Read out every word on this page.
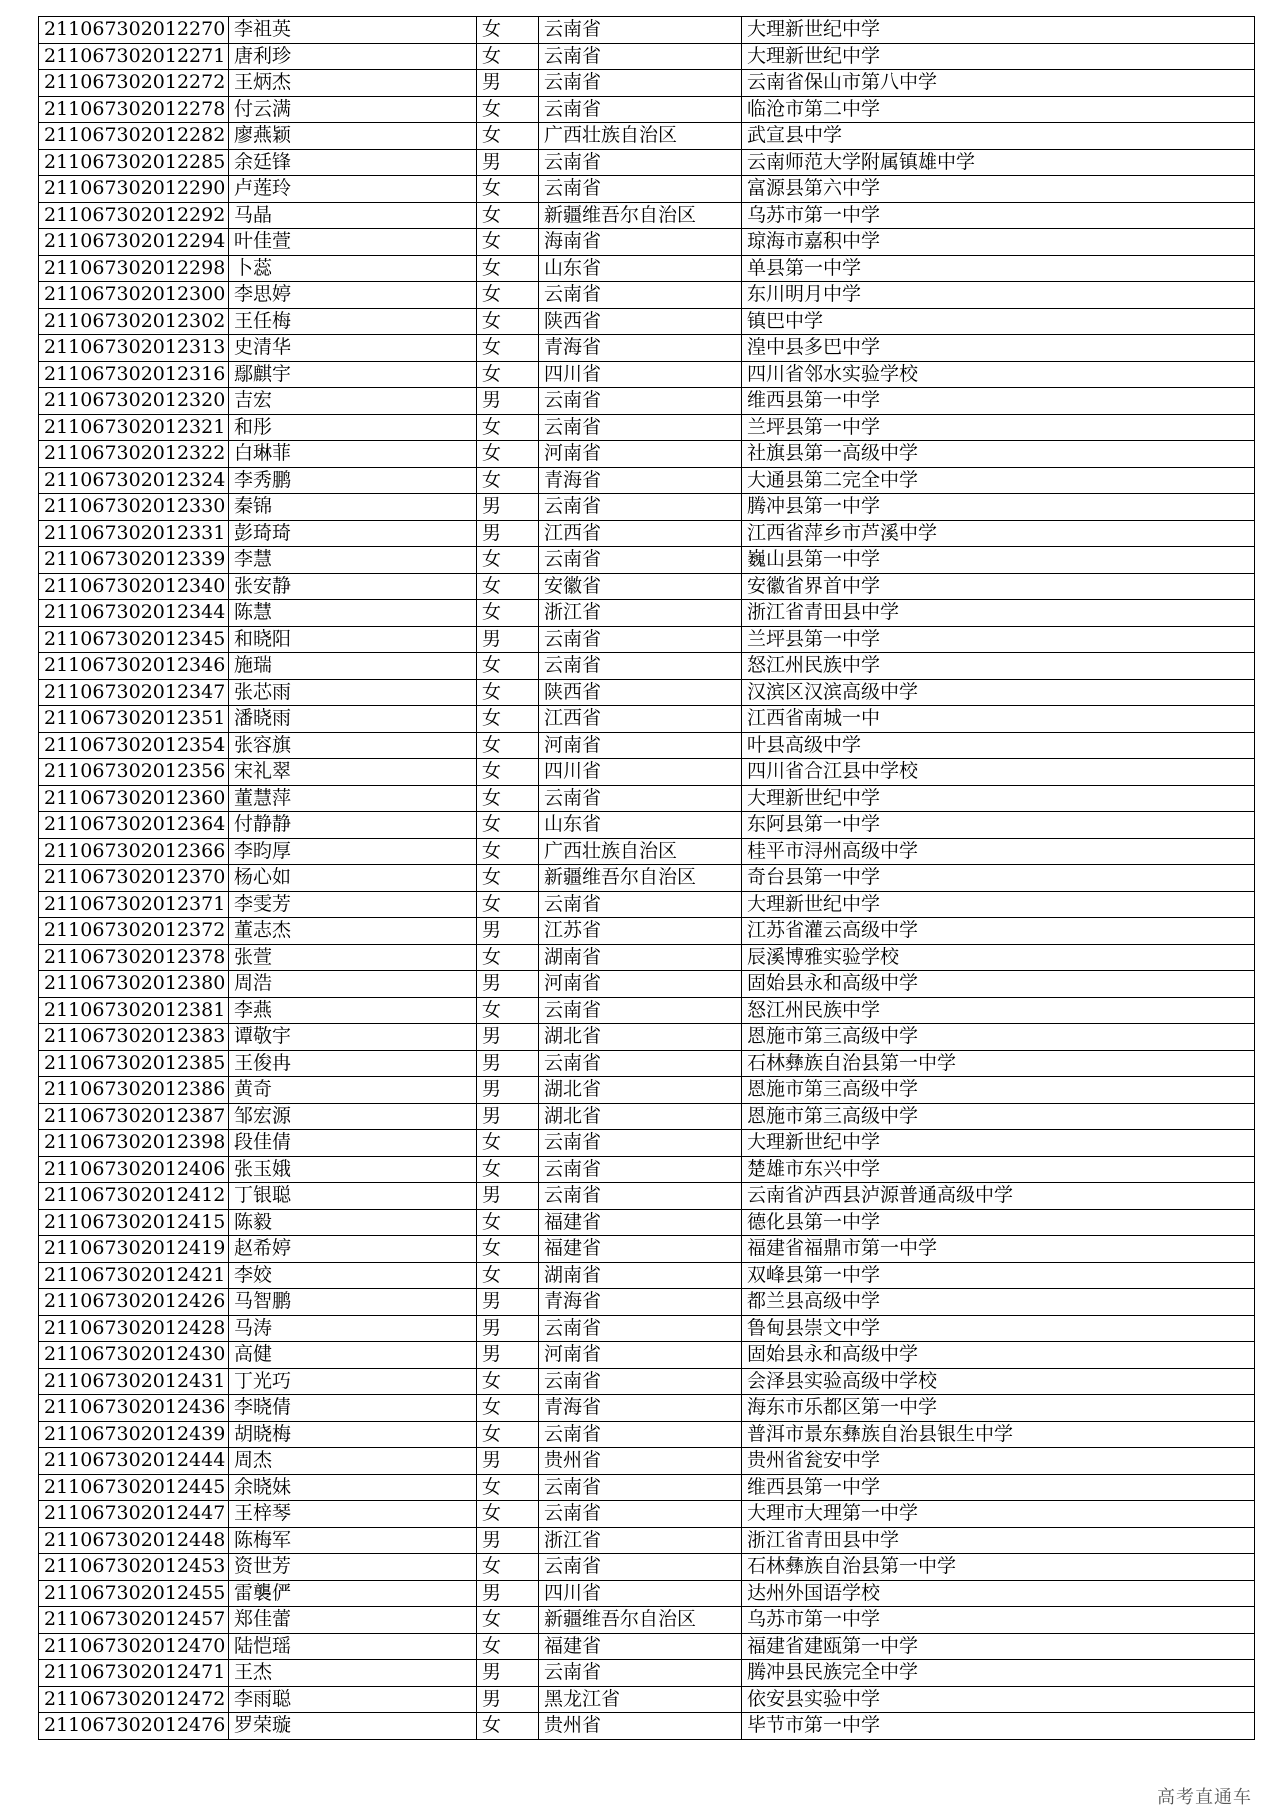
211067302012270	李祖英	女	云南省	大理新世纪中学
211067302012271	唐利珍	女	云南省	大理新世纪中学
211067302012272	王炳杰	男	云南省	云南省保山市第八中学
211067302012278	付云满	女	云南省	临沧市第二中学
211067302012282	廖燕颖	女	广西壮族自治区	武宣县中学
211067302012285	余廷锋	男	云南省	云南师范大学附属镇雄中学
211067302012290	卢莲玲	女	云南省	富源县第六中学
211067302012292	马晶	女	新疆维吾尔自治区	乌苏市第一中学
211067302012294	叶佳萱	女	海南省	琼海市嘉积中学
211067302012298	卜蕊	女	山东省	单县第一中学
211067302012300	李思婷	女	云南省	东川明月中学
211067302012302	王任梅	女	陕西省	镇巴中学
211067302012313	史清华	女	青海省	湟中县多巴中学
211067302012316	鄢麒宇	女	四川省	四川省邻水实验学校
211067302012320	吉宏	男	云南省	维西县第一中学
211067302012321	和彤	女	云南省	兰坪县第一中学
211067302012322	白琳菲	女	河南省	社旗县第一高级中学
211067302012324	李秀鹏	女	青海省	大通县第二完全中学
211067302012330	秦锦	男	云南省	腾冲县第一中学
211067302012331	彭琦琦	男	江西省	江西省萍乡市芦溪中学
211067302012339	李慧	女	云南省	巍山县第一中学
211067302012340	张安静	女	安徽省	安徽省界首中学
211067302012344	陈慧	女	浙江省	浙江省青田县中学
211067302012345	和晓阳	男	云南省	兰坪县第一中学
211067302012346	施瑞	女	云南省	怒江州民族中学
211067302012347	张芯雨	女	陕西省	汉滨区汉滨高级中学
211067302012351	潘晓雨	女	江西省	江西省南城一中
211067302012354	张容旗	女	河南省	叶县高级中学
211067302012356	宋礼翠	女	四川省	四川省合江县中学校
211067302012360	董慧萍	女	云南省	大理新世纪中学
211067302012364	付静静	女	山东省	东阿县第一中学
211067302012366	李昀厚	女	广西壮族自治区	桂平市浔州高级中学
211067302012370	杨心如	女	新疆维吾尔自治区	奇台县第一中学
211067302012371	李雯芳	女	云南省	大理新世纪中学
211067302012372	董志杰	男	江苏省	江苏省灌云高级中学
211067302012378	张萱	女	湖南省	辰溪博雅实验学校
211067302012380	周浩	男	河南省	固始县永和高级中学
211067302012381	李燕	女	云南省	怒江州民族中学
211067302012383	谭敬宇	男	湖北省	恩施市第三高级中学
211067302012385	王俊冉	男	云南省	石林彝族自治县第一中学
211067302012386	黄奇	男	湖北省	恩施市第三高级中学
211067302012387	邹宏源	男	湖北省	恩施市第三高级中学
211067302012398	段佳倩	女	云南省	大理新世纪中学
211067302012406	张玉娥	女	云南省	楚雄市东兴中学
211067302012412	丁银聪	男	云南省	云南省泸西县泸源普通高级中学
211067302012415	陈毅	女	福建省	德化县第一中学
211067302012419	赵希婷	女	福建省	福建省福鼎市第一中学
211067302012421	李姣	女	湖南省	双峰县第一中学
211067302012426	马智鹏	男	青海省	都兰县高级中学
211067302012428	马涛	男	云南省	鲁甸县崇文中学
211067302012430	高健	男	河南省	固始县永和高级中学
211067302012431	丁光巧	女	云南省	会泽县实验高级中学校
211067302012436	李晓倩	女	青海省	海东市乐都区第一中学
211067302012439	胡晓梅	女	云南省	普洱市景东彝族自治县银生中学
211067302012444	周杰	男	贵州省	贵州省瓮安中学
211067302012445	余晓妹	女	云南省	维西县第一中学
211067302012447	王梓琴	女	云南省	大理市大理第一中学
211067302012448	陈梅军	男	浙江省	浙江省青田县中学
211067302012453	资世芳	女	云南省	石林彝族自治县第一中学
211067302012455	雷襲俨	男	四川省	达州外国语学校
211067302012457	郑佳蕾	女	新疆维吾尔自治区	乌苏市第一中学
211067302012470	陆恺瑶	女	福建省	福建省建瓯第一中学
211067302012471	王杰	男	云南省	腾冲县民族完全中学
211067302012472	李雨聪	男	黑龙江省	依安县实验中学
211067302012476	罗荣璇	女	贵州省	毕节市第一中学
高考直通车
